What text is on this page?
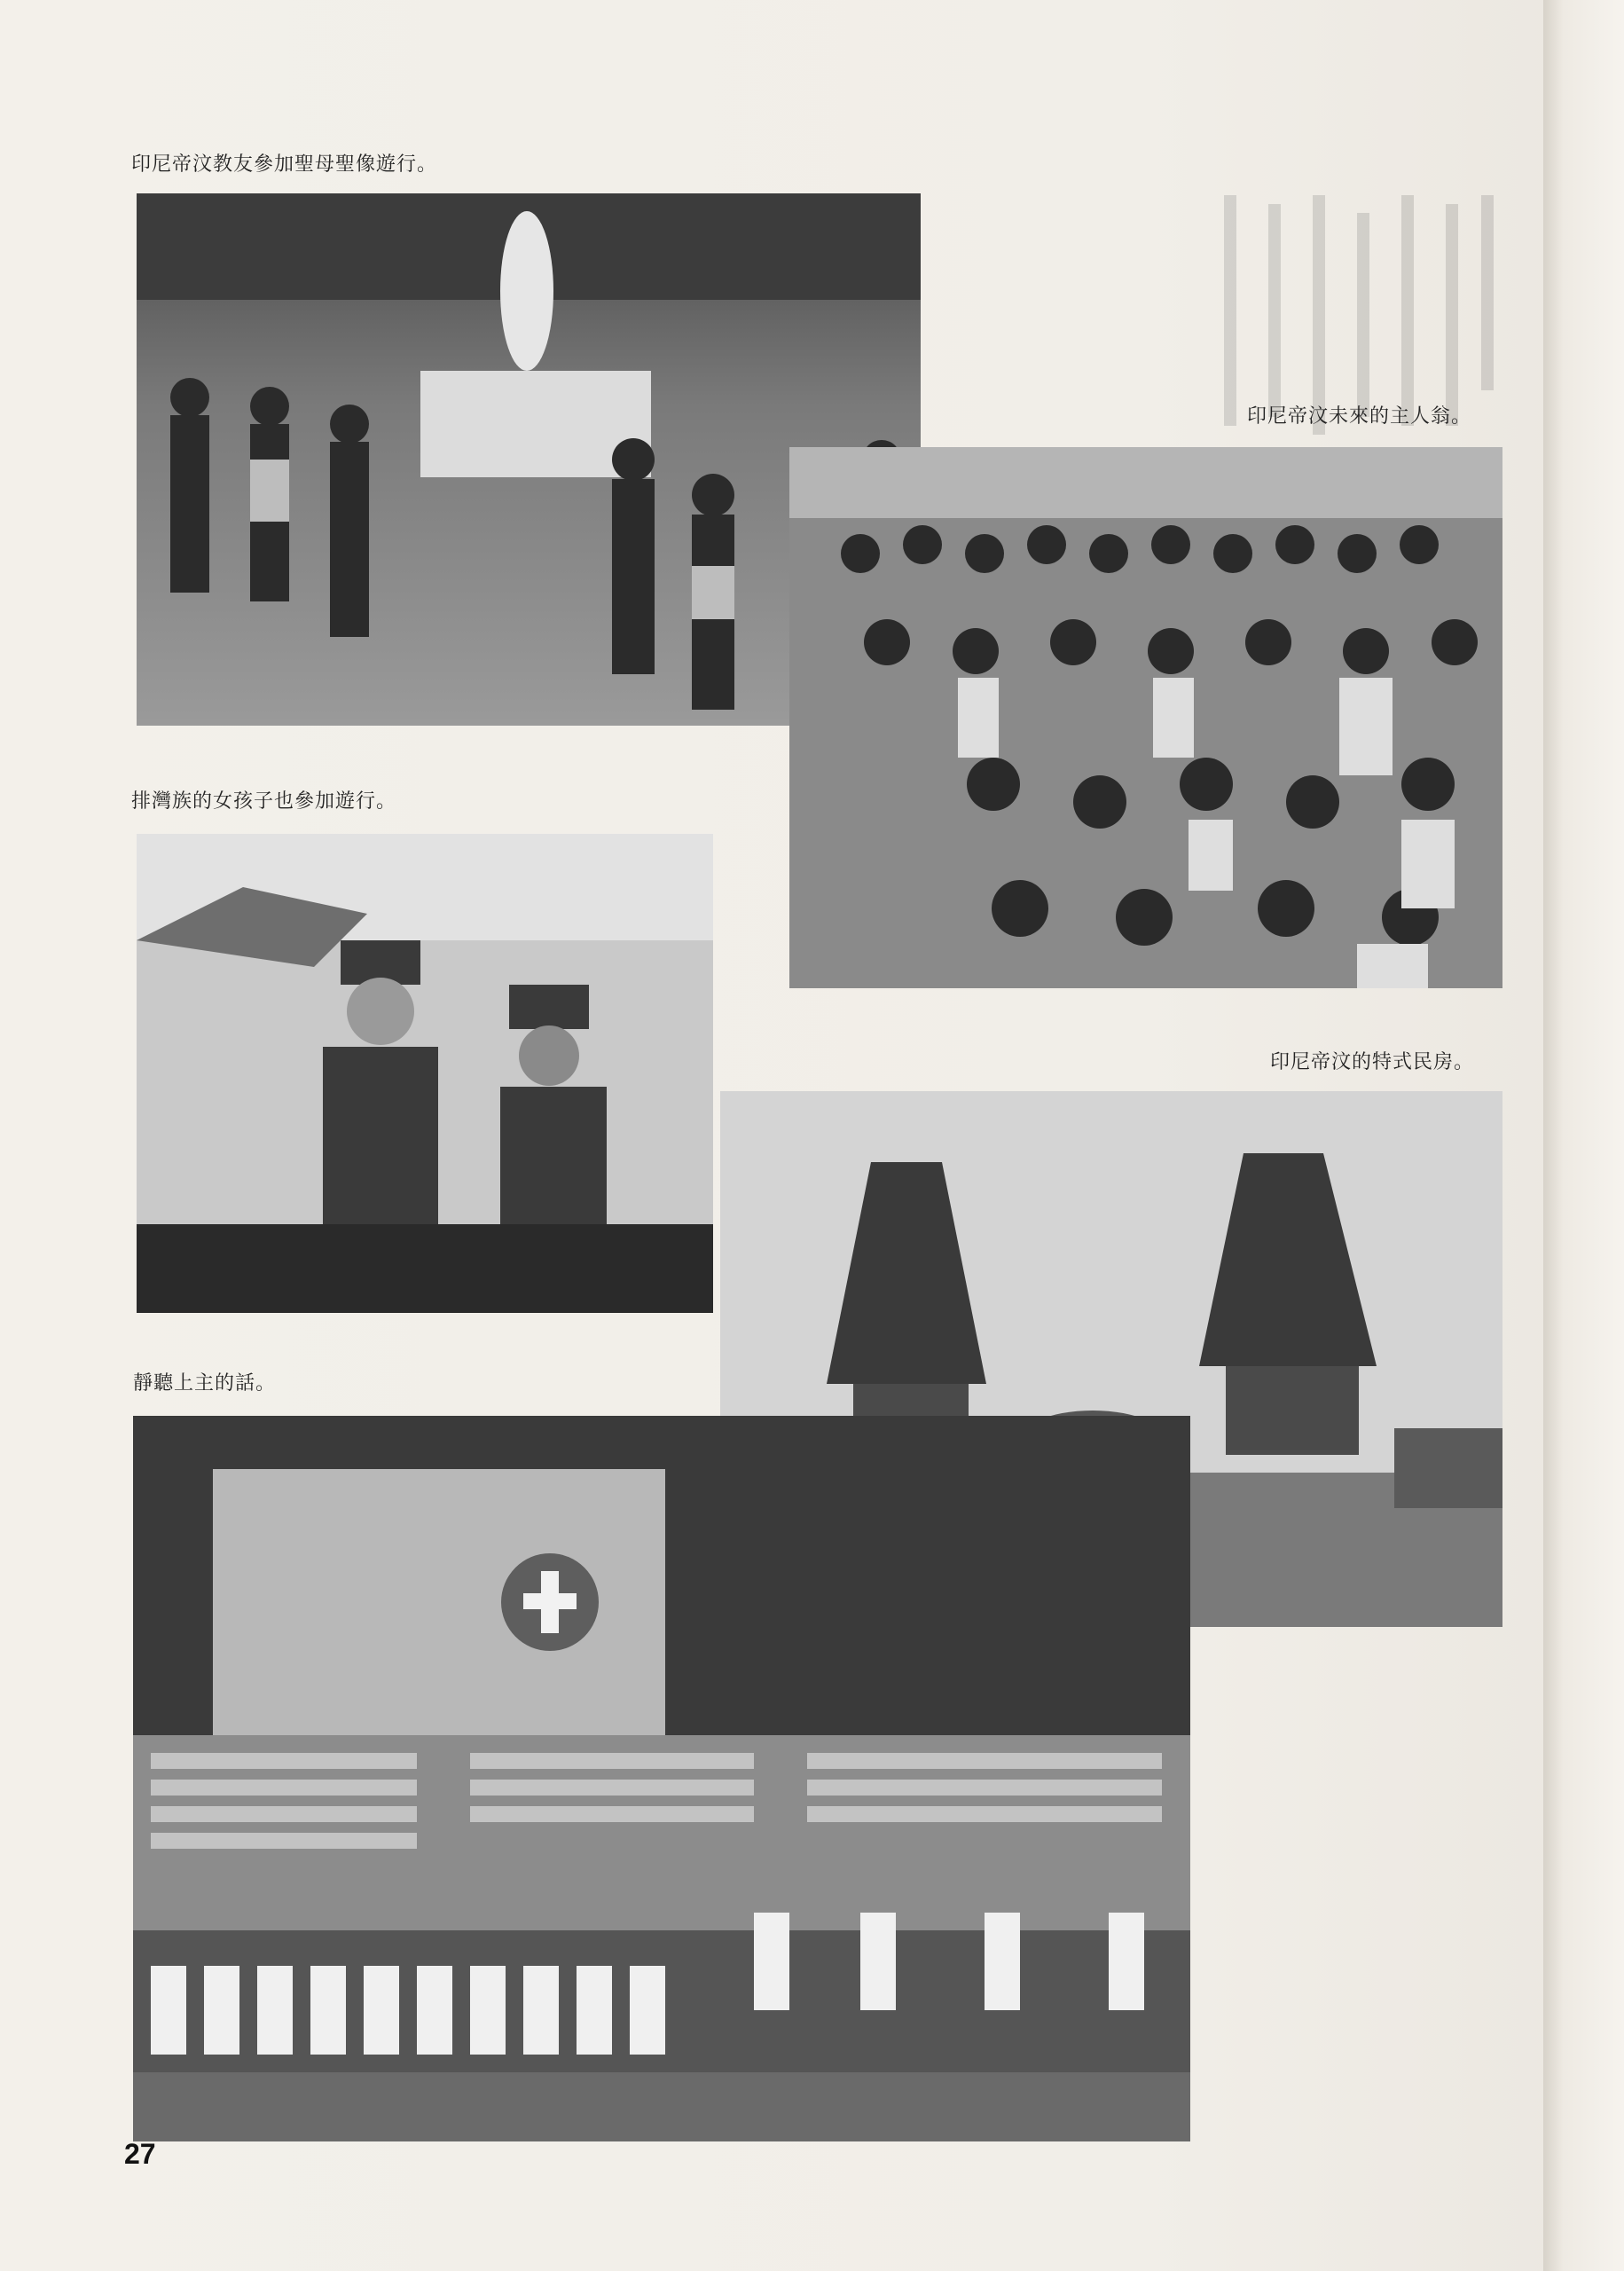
印尼帝汶教友參加聖母聖像遊行。
印尼帝汶未來的主人翁。
排灣族的女孩子也參加遊行。
印尼帝汶的特式民房。
靜聽上主的話。
27
